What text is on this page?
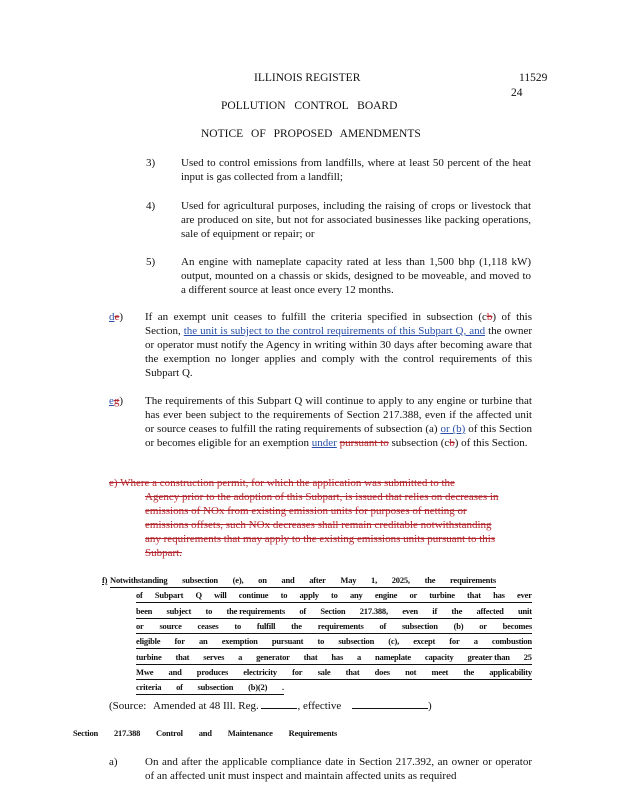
ILLINOIS REGISTER	11529
24
POLLUTION CONTROL BOARD
NOTICE OF PROPOSED AMENDMENTS
3) Used to control emissions from landfills, where at least 50 percent of the heat input is gas collected from a landfill;
4) Used for agricultural purposes, including the raising of crops or livestock that are produced on site, but not for associated businesses like packing operations, sale of equipment or repair; or
5) An engine with nameplate capacity rated at less than 1,500 bhp (1,118 kW) output, mounted on a chassis or skids, designed to be moveable, and moved to a different source at least once every 12 months.
de) If an exempt unit ceases to fulfill the criteria specified in subsection (cb) of this Section, the unit is subject to the control requirements of this Subpart Q, and the owner or operator must notify the Agency in writing within 30 days after becoming aware that the exemption no longer applies and comply with the control requirements of this Subpart Q.
eg) The requirements of this Subpart Q will continue to apply to any engine or turbine that has ever been subject to the requirements of Section 217.388, even if the affected unit or source ceases to fulfill the rating requirements of subsection (a) or (b) of this Section or becomes eligible for an exemption under pursuant to subsection (cb) of this Section.
e) Where a construction permit, for which the application was submitted to the
Agency prior to the adoption of this Subpart, is issued that relies on decreases in
emissions of NOx from existing emission units for purposes of netting or
emissions offsets, such NOx decreases shall remain creditable notwithstanding
any requirements that may apply to the existing emissions units pursuant to this
Subpart.
f) Notwithstanding subsection (e), on and after May 1, 2025, the requirements
of Subpart Q will continue to apply to any engine or turbine that has ever
been subject to the requirements of Section 217.388, even if the affected unit
or source ceases to fulfill the requirements of subsection (b) or becomes
eligible for an exemption pursuant to subsection (c), except for a combustion
turbine that serves a generator that has a nameplate capacity greater than 25
Mwe and produces electricity for sale that does not meet the applicability
criteria of subsection (b)(2) .
(Source: Amended at 48 Ill. Reg.	, effective	)
Section 217.388 Control and Maintenance Requirements
a) On and after the applicable compliance date in Section 217.392, an owner or operator of an affected unit must inspect and maintain affected units as required
